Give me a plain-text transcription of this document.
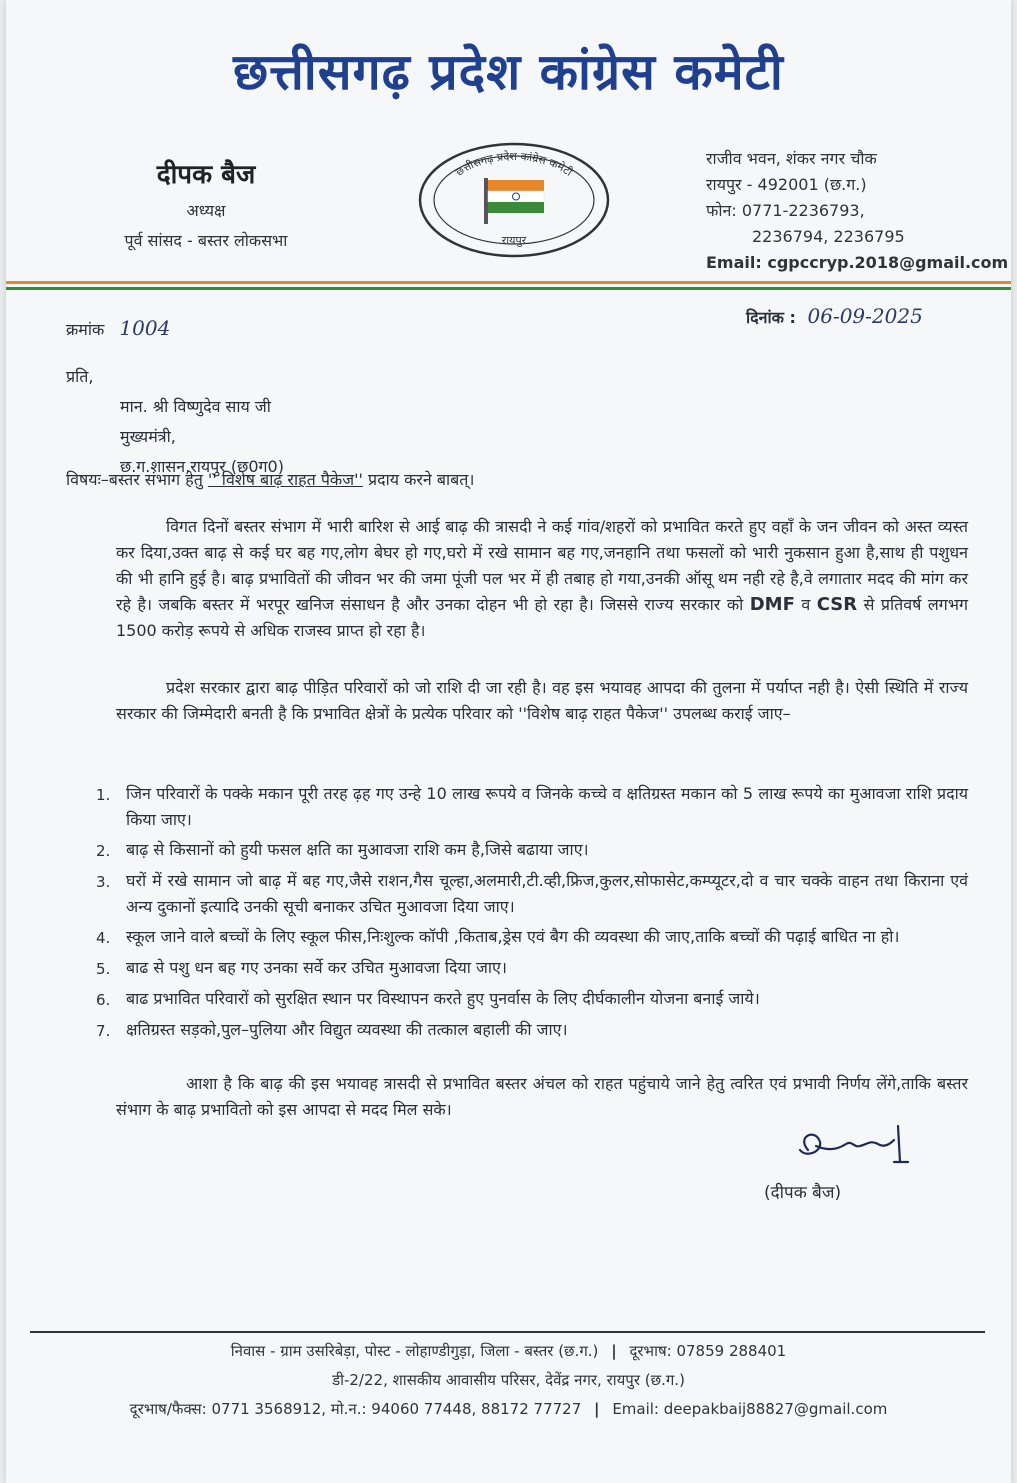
छत्तीसगढ़ प्रदेश कांग्रेस कमेटी
दीपक बैज
अध्यक्ष
पूर्व सांसद - बस्तर लोकसभा
छत्तीसगढ़ प्रदेश कांग्रेस कमेटी
रायपुर
राजीव भवन, शंकर नगर चौक
रायपुर - 492001 (छ.ग.)
फोन: 0771-2236793,
2236794, 2236795
Email: cgpccryp.2018@gmail.com
क्रमांक 1004	दिनांक : 06-09-2025
प्रति,
मान. श्री विष्णुदेव साय जी
मुख्यमंत्री,
छ.ग.शासन,रायपुर (छ0ग0)
विषयः–बस्तर संभाग हेतु '' विशेष बाढ़ राहत पैकेज'' प्रदाय करने बाबत्।
विगत दिनों बस्तर संभाग में भारी बारिश से आई बाढ़ की त्रासदी ने कई गांव/शहरों को प्रभावित करते हुए वहॉं के जन जीवन को अस्त व्यस्त कर दिया,उक्त बाढ़ से कई घर बह गए,लोग बेघर हो गए,घरो में रखे सामान बह गए,जनहानि तथा फसलों को भारी नुकसान हुआ है,साथ ही पशुधन की भी हानि हुई है। बाढ़ प्रभावितों की जीवन भर की जमा पूंजी पल भर में ही तबाह हो गया,उनकी ऑसू थम नही रहे है,वे लगातार मदद की मांग कर रहे है। जबकि बस्तर में भरपूर खनिज संसाधन है और उनका दोहन भी हो रहा है। जिससे राज्य सरकार को DMF व CSR से प्रतिवर्ष लगभग 1500 करोड़ रूपये से अधिक राजस्व प्राप्त हो रहा है।
प्रदेश सरकार द्वारा बाढ़ पीड़ित परिवारों को जो राशि दी जा रही है। वह इस भयावह आपदा की तुलना में पर्याप्त नही है। ऐसी स्थिति में राज्य सरकार की जिम्मेदारी बनती है कि प्रभावित क्षेत्रों के प्रत्येक परिवार को ''विशेष बाढ़ राहत पैकेज'' उपलब्ध कराई जाए–
1. जिन परिवारों के पक्के मकान पूरी तरह ढ़ह गए उन्हे 10 लाख रूपये व जिनके कच्चे व क्षतिग्रस्त मकान को 5 लाख रूपये का मुआवजा राशि प्रदाय किया जाए।
2. बाढ़ से किसानों को हुयी फसल क्षति का मुआवजा राशि कम है,जिसे बढाया जाए।
3. घरों में रखे सामान जो बाढ़ में बह गए,जैसे राशन,गैस चूल्हा,अलमारी,टी.व्ही,फ्रिज,कुलर,सोफासेट,कम्प्यूटर,दो व चार चक्के वाहन तथा किराना एवं अन्य दुकानों इत्यादि उनकी सूची बनाकर उचित मुआवजा दिया जाए।
4. स्कूल जाने वाले बच्चों के लिए स्कूल फीस,निःशुल्क कॉपी ,किताब,ड्रेस एवं बैग की व्यवस्था की जाए,ताकि बच्चों की पढ़ाई बाधित ना हो।
5. बाढ से पशु धन बह गए उनका सर्वे कर उचित मुआवजा दिया जाए।
6. बाढ प्रभावित परिवारों को सुरक्षित स्थान पर विस्थापन करते हुए पुनर्वास के लिए दीर्घकालीन योजना बनाई जाये।
7. क्षतिग्रस्त सड़को,पुल–पुलिया और विद्युत व्यवस्था की तत्काल बहाली की जाए।
आशा है कि बाढ़ की इस भयावह त्रासदी से प्रभावित बस्तर अंचल को राहत पहुंचाये जाने हेतु त्वरित एवं प्रभावी निर्णय लेंगे,ताकि बस्तर संभाग के बाढ़ प्रभावितो को इस आपदा से मदद मिल सके।
(दीपक बैज)
निवास - ग्राम उसरिबेड़ा, पोस्ट - लोहाण्डीगुड़ा, जिला - बस्तर (छ.ग.) | दूरभाष: 07859 288401
डी-2/22, शासकीय आवासीय परिसर, देवेंद्र नगर, रायपुर (छ.ग.)
दूरभाष/फैक्स: 0771 3568912, मो.न.: 94060 77448, 88172 77727 | Email: deepakbaij88827@gmail.com
